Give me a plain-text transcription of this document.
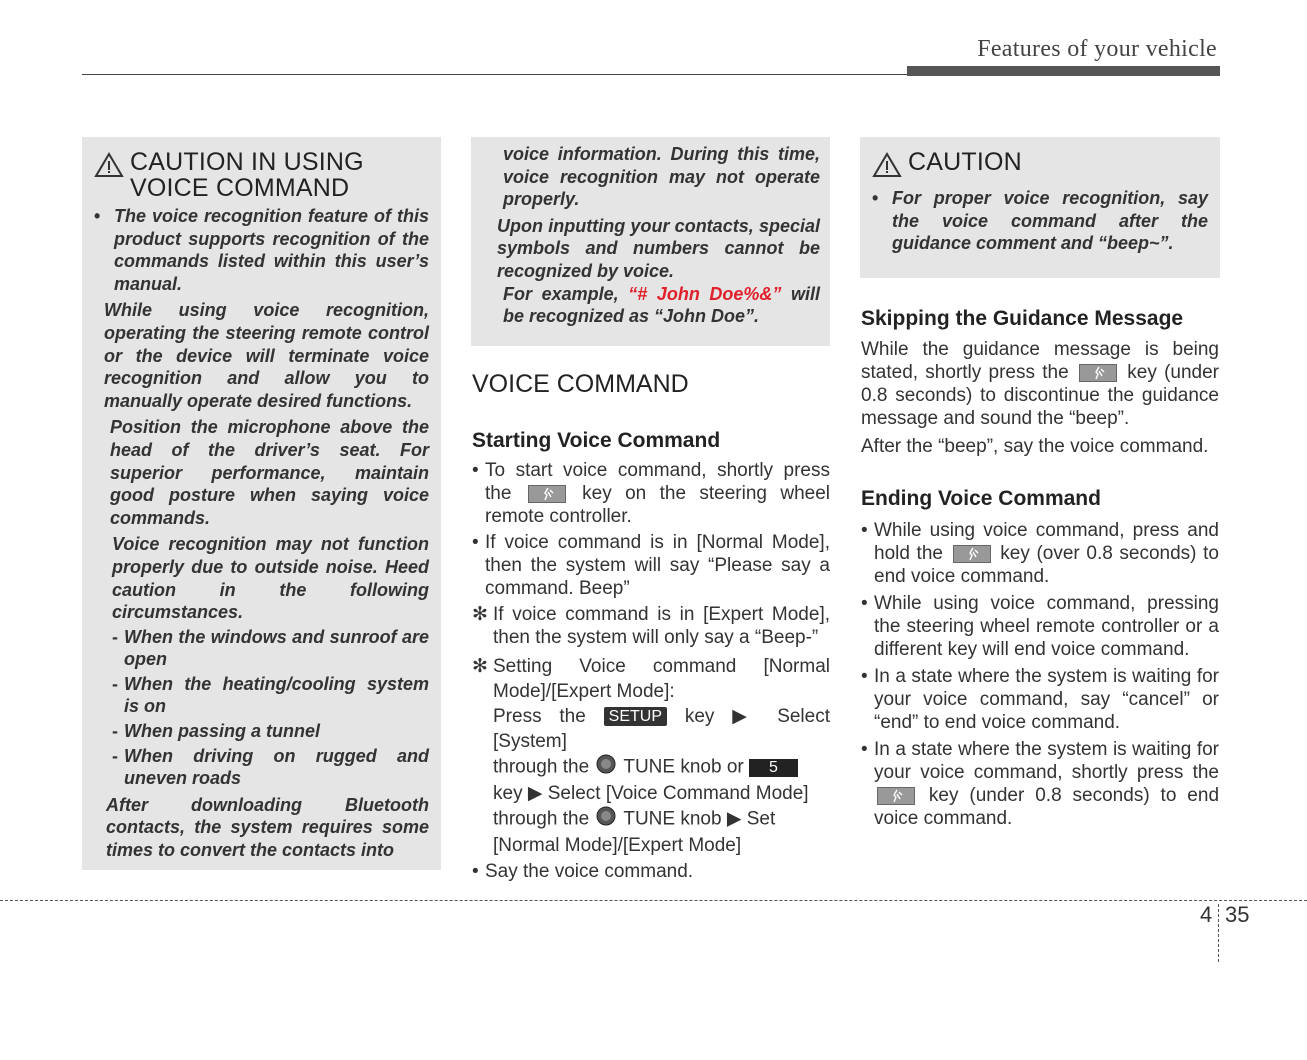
Features of your vehicle
CAUTION IN USING
VOICE COMMAND
• The voice recognition feature of this product supports recognition of the commands listed within this user’s manual.

While using voice recognition, operating the steering remote control or the device will terminate voice recognition and allow you to manually operate desired functions.

Position the microphone above the head of the driver’s seat. For superior performance, maintain good posture when saying voice commands.

Voice recognition may not function properly due to outside noise. Heed caution in the following circumstances.

- When the windows and sunroof are open
- When the heating/cooling system is on
- When passing a tunnel
- When driving on rugged and uneven roads

After downloading Bluetooth contacts, the system requires some times to convert the contacts into

voice information. During this time, voice recognition may not operate properly.

Upon inputting your contacts, special symbols and numbers cannot be recognized by voice.

For example, “# John Doe%&” will be recognized as “John Doe”.

VOICE COMMAND
Starting Voice Command
• To start voice command, shortly press the	key on the steering wheel remote controller.
• If voice command is in [Normal Mode], then the system will say “Please say a command. Beep”
✻ If voice command is in [Expert Mode], then the system will only say a “Beep-”
✻ Setting Voice command [Normal Mode]/[Expert Mode]:
Press the SETUP key ▶ Select [System]
through the TUNE knob or 5
key ▶ Select [Voice Command Mode]
through the TUNE knob ▶ Set
[Normal Mode]/[Expert Mode]
• Say the voice command.
CAUTION
• For proper voice recognition, say the voice command after the guidance comment and “beep~”.
Skipping the Guidance Message

While the guidance message is being stated, shortly press the	key (under 0.8 seconds) to discontinue the guidance message and sound the “beep”.

After the “beep”, say the voice command.

Ending Voice Command
• While using voice command, press and hold the	key (over 0.8 seconds) to end voice command.
• While using voice command, pressing the steering wheel remote controller or a different key will end voice command.
• In a state where the system is waiting for your voice command, say “cancel” or “end” to end voice command.
• In a state where the system is waiting for your voice command, shortly press the
key (under 0.8 seconds) to end voice command.
4 35
